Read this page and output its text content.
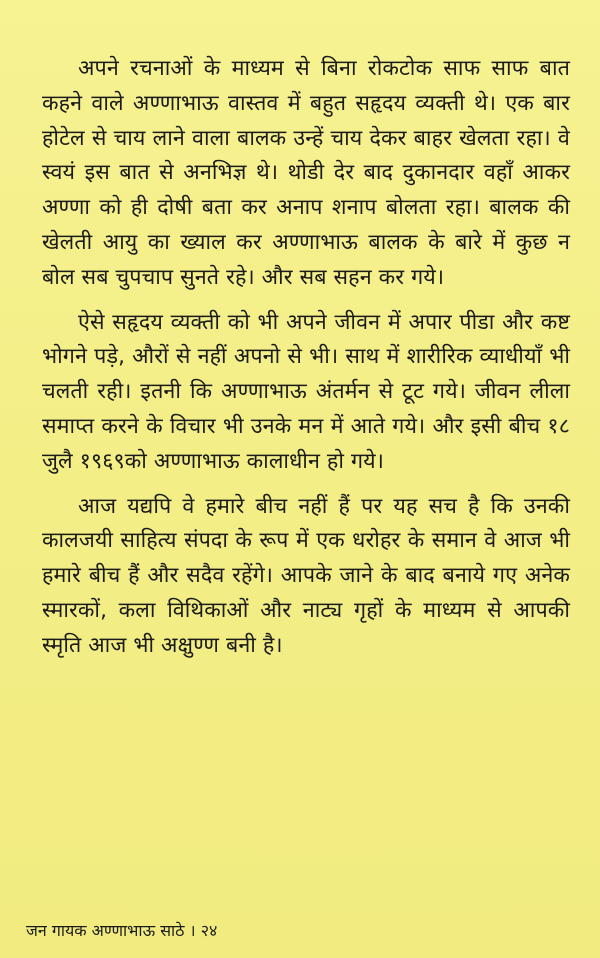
अपने रचनाओं के माध्यम से बिना रोकटोक साफ साफ बात कहने वाले अण्णाभाऊ वास्तव में बहुत सहृदय व्यक्ती थे। एक बार होटेल से चाय लाने वाला बालक उन्हें चाय देकर बाहर खेलता रहा। वे स्वयं इस बात से अनभिज्ञ थे। थोडी देर बाद दुकानदार वहाँ आकर अण्णा को ही दोषी बता कर अनाप शनाप बोलता रहा। बालक की खेलती आयु का ख्याल कर अण्णाभाऊ बालक के बारे में कुछ न बोल सब चुपचाप सुनते रहे। और सब सहन कर गये।

ऐसे सहृदय व्यक्ती को भी अपने जीवन में अपार पीडा और कष्ट भोगने पड़े, औरों से नहीं अपनो से भी। साथ में शारीरिक व्याधीयाँ भी चलती रही। इतनी कि अण्णाभाऊ अंतर्मन से टूट गये। जीवन लीला समाप्त करने के विचार भी उनके मन में आते गये। और इसी बीच १८ जुलै १९६९को अण्णाभाऊ कालाधीन हो गये।

आज यद्यपि वे हमारे बीच नहीं हैं पर यह सच है कि उनकी कालजयी साहित्य संपदा के रूप में एक धरोहर के समान वे आज भी हमारे बीच हैं और सदैव रहेंगे। आपके जाने के बाद बनाये गए अनेक स्मारकों, कला विथिकाओं और नाट्य गृहों के माध्यम से आपकी स्मृति आज भी अक्षुण्ण बनी है।

जन गायक अण्णाभाऊ साठे । २४
